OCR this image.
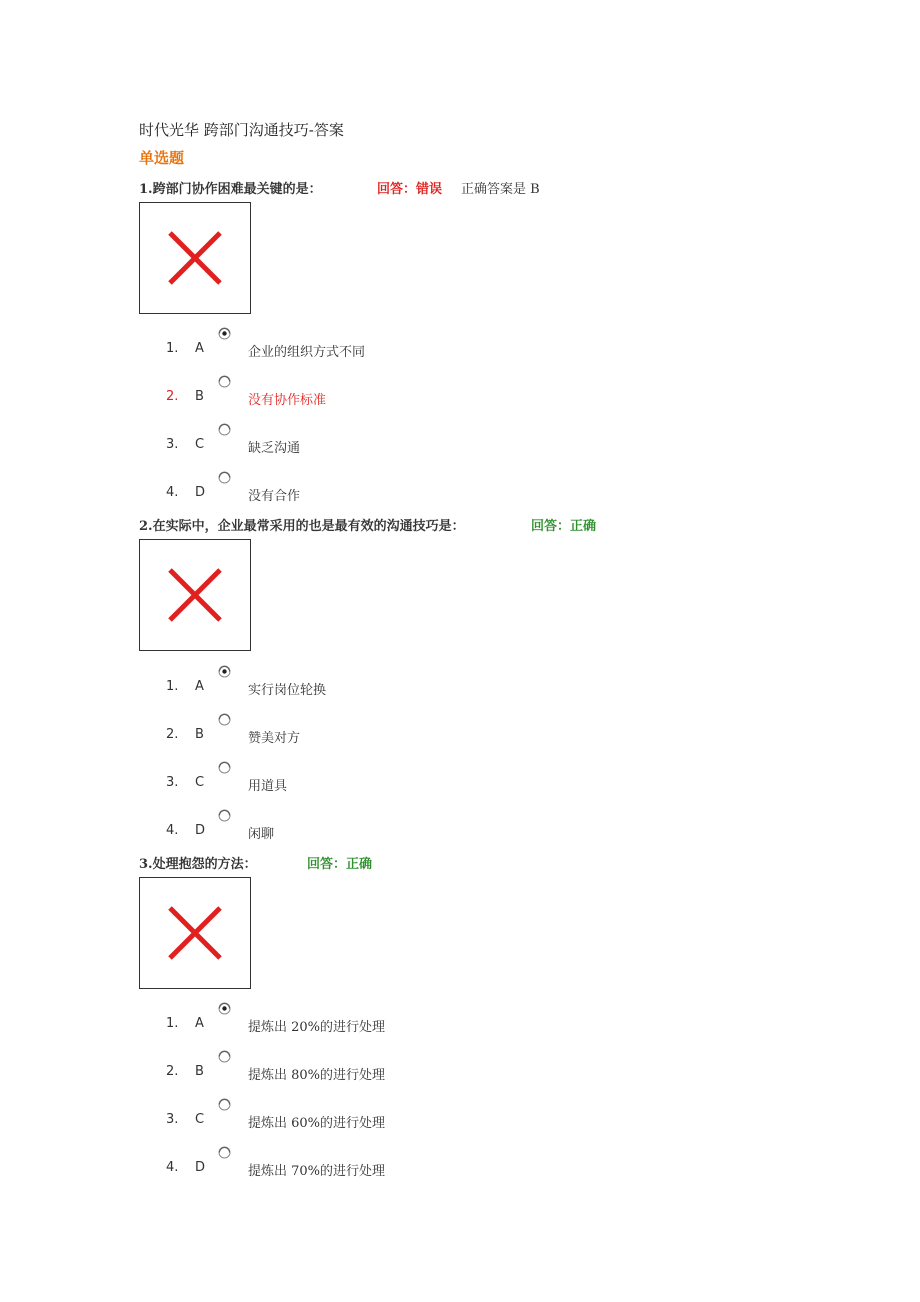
时代光华 跨部门沟通技巧-答案
单选题
1.跨部门协作困难最关键的是：	回答：错误 正确答案是 B
1. A	企业的组织方式不同
2. B	没有协作标准
3. C	缺乏沟通
4. D	没有合作
2.在实际中，企业最常采用的也是最有效的沟通技巧是：	回答：正确
1. A	实行岗位轮换
2. B	赞美对方
3. C	用道具
4. D	闲聊
3.处理抱怨的方法：	回答：正确
1. A	提炼出 20%的进行处理
2. B	提炼出 80%的进行处理
3. C	提炼出 60%的进行处理
4. D	提炼出 70%的进行处理
